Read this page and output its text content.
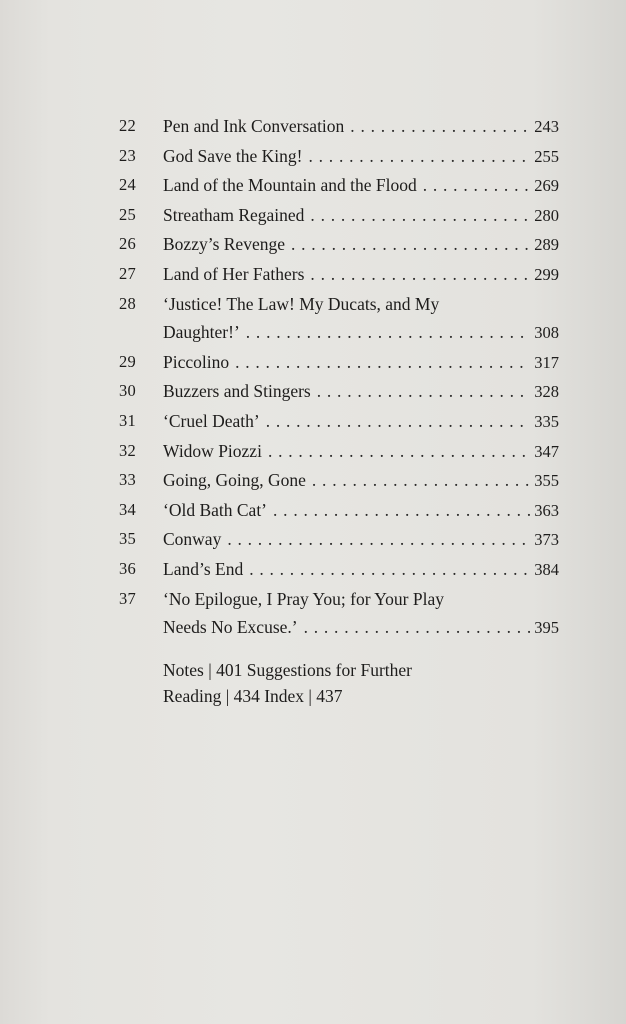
22	Pen and Ink Conversation . . .	243
23	God Save the King! . . .	255
24	Land of the Mountain and the Flood . . .	269
25	Streatham Regained . . .	280
26	Bozzy’s Revenge . . .	289
27	Land of Her Fathers . . .	299
28	‘Justice! The Law! My Ducats, and My
Daughter!’ . . .	308
29	Piccolino . . .	317
30	Buzzers and Stingers . . .	328
31	‘Cruel Death’ . . .	335
32	Widow Piozzi . . .	347
33	Going, Going, Gone . . .	355
34	‘Old Bath Cat’ . . .	363
35	Conway . . .	373
36	Land’s End . . .	384
37	‘No Epilogue, I Pray You; for Your Play
Needs No Excuse.’ . . .	395
Notes | 401 Suggestions for Further Reading | 434 Index | 437
